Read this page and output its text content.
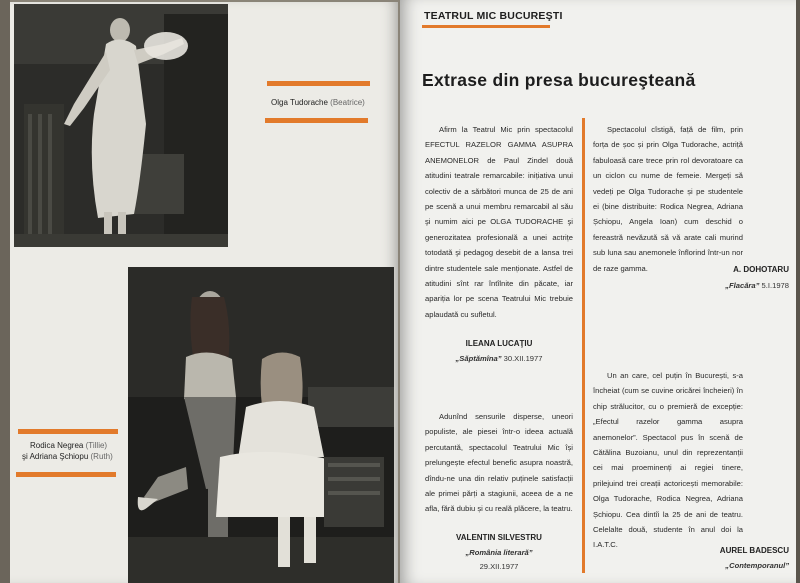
Olga Tudorache (Beatrice)
Rodica Negrea (Tillie)
şi Adriana Şchiopu (Ruth)
TEATRUL MIC BUCUREŞTI
Extrase din presa bucureşteană

Afirm la Teatrul Mic prin spectacolul EFECTUL RAZELOR GAMMA ASUPRA ANEMONELOR de Paul Zindel două atitudini teatrale remarcabile: inițiativa unui colectiv de a sărbători munca de 25 de ani pe scenă a unui membru remarcabil al său şi numim aici pe OLGA TUDORACHE şi generozitatea profesională a unei actrițe totodată şi pedagog desebit de a lansa trei dintre studentele sale menționate. Astfel de atitudini sînt rar întîlnite din păcate, iar apariția lor pe scena Teatrului Mic trebuie aplaudată cu sufletul.

ILEANA LUCAŢIU
„Săptămîna” 30.XII.1977

Adunînd sensurile disperse, uneori populiste, ale piesei într-o ideea actuală percutantă, spectacolul Teatrului Mic își prelungește efectul benefic asupra noastră, dîndu-ne una din relativ puținele satisfacții ale primei părți a stagiunii, aceea de a ne afla, fără dubiu și cu reală plăcere, la teatru.

VALENTIN SILVESTRU
„România literară”
29.XII.1977

Spectacolul cîstigă, față de film, prin forța de șoc și prin Olga Tudorache, actriță fabuloasă care trece prin rol devoratoare ca un ciclon cu nume de femeie. Mergeți să vedeți pe Olga Tudorache și pe studentele ei (bine distribuite: Rodica Negrea, Adriana Șchiopu, Angela Ioan) cum deschid o fereastră nevăzută să vă arate cali murind sub luna sau anemonele înflorind într-un nor de raze gamma.	A. DOHOTARU
„Flacăra” 5.I.1978

Un an care, cel puțin în București, s-a încheiat (cum se cuvine oricărei încheieri) în chip strălucitor, cu o premieră de excepție: „Efectul razelor gamma asupra anemonelor”. Spectacol pus în scenă de Cătălina Buzoianu, unul din reprezentanții cei mai proeminenți ai regiei tinere, prilejuind trei creații actoricești memorabile: Olga Tudorache, Rodica Negrea, Adriana Șchiopu. Cea dintîi la 25 de ani de teatru. Celelalte două, studente în anul doi la I.A.T.C.

AUREL BADESCU
„Contemporanul”
